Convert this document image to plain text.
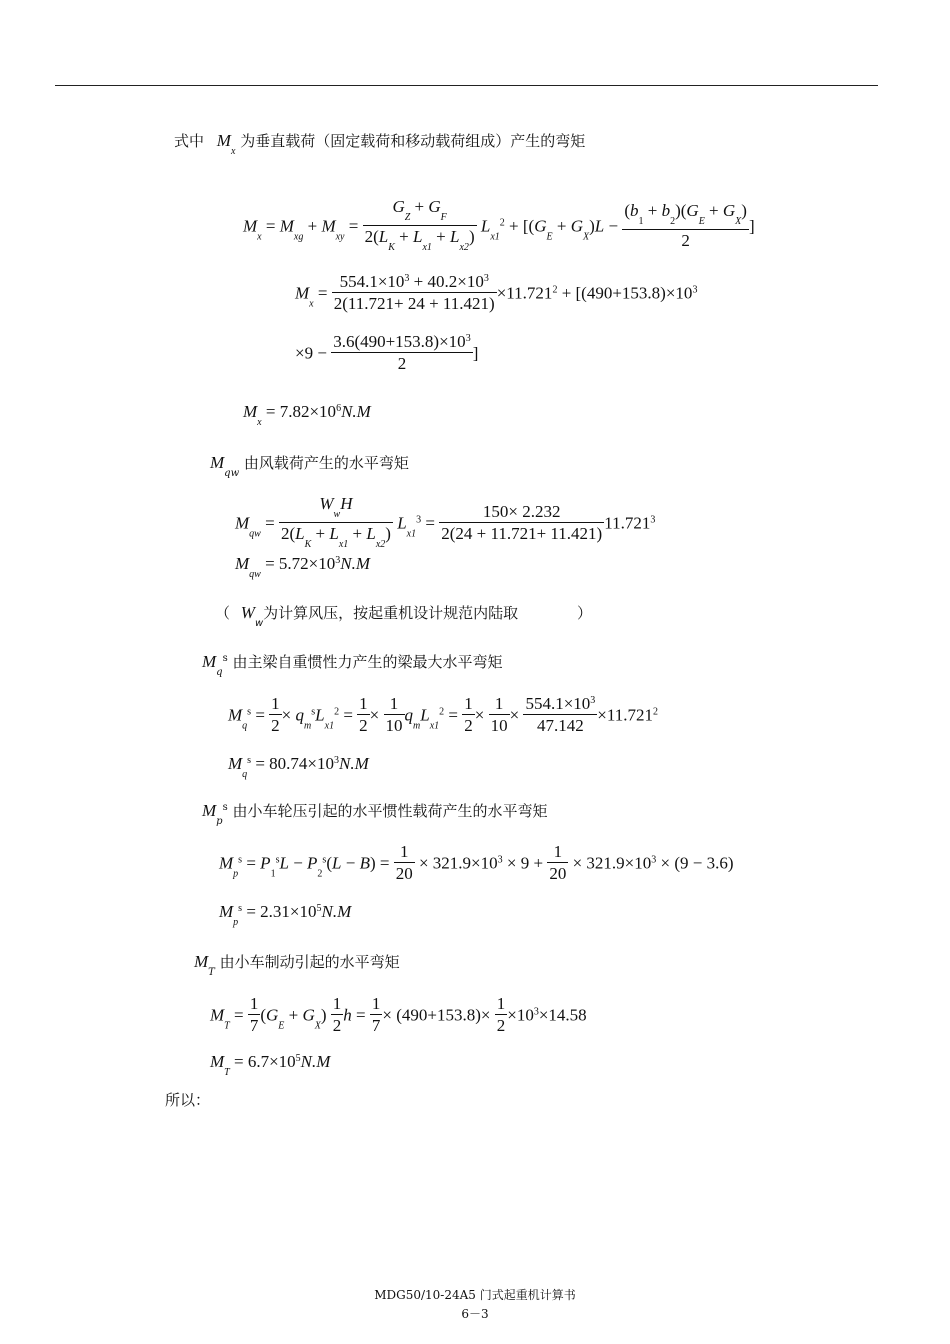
式中 $M_x$ 为垂直载荷（固定载荷和移动载荷组成）产生的弯矩
$M_x = M_{xg} + M_{xy} = \frac{G_Z + G_F}{2(L_K + L_{x1} + L_{x2})} L_{x1}^2 + [(G_E + G_X)L - \frac{(b_1 + b_2)(G_E + G_X)}{2}$ ]
$M_x = \frac{554.1\times 10^3 + 40.2\times 10^3}{2(11.721+ 24 + 11.421)} \times 11.721^2 + [(490+153.8)\times 10^3$
$\times 9 - \frac{3.6(490+153.8)\times 10^3}{2}$ ]
$M_x = 7.82\times 10^6N.M$
$M_{qw}$ 由风载荷产生的水平弯矩
$M_{qw} = \frac{W_wH}{2(L_K + L_{x1} + L_{x2})} L_{x1}^3 = \frac{150\times 2.232}{2(24 + 11.721+ 11.421)} 11.721^3$
$M_{qw} = 5.72\times 10^3N.M$
（ $W_w$为计算风压，按起重机设计规范内陆取	）
$M_q^s$ 由主梁自重惯性力产生的梁最大水平弯矩
$M_q^s = \frac{1}{2} \times q_m^sL_{x1}^2 = \frac{1}{2} \times \frac{1}{10} q_mL_{x1}^2 = \frac{1}{2} \times \frac{1}{10} \times \frac{554.1\times 10^3}{47.142} \times 11.721^2$
$M_q^s = 80.74\times 10^3N.M$
$M_p^s$ 由小车轮压引起的水平惯性载荷产生的水平弯矩
$M_p^s = P_1^sL - P_2^s(L - B) = \frac{1}{20} \times 321.9\times 10^3 \times 9 + \frac{1}{20} \times 321.9\times 10^3 \times (9 - 3.6)$
$M_p^s = 2.31\times 10^5N.M$
$M_T$ 由小车制动引起的水平弯矩
$M_T = \frac{1}{7} (G_E + G_X) \frac{1}{2}$ $h = \frac{1}{7} \times (490+153.8)\times \frac{1}{2} \times 10^3\times 14.58$
$M_T = 6.7\times 10^5N.M$
所以：
MDG50/10-24A5 门式起重机计算书
6－3
